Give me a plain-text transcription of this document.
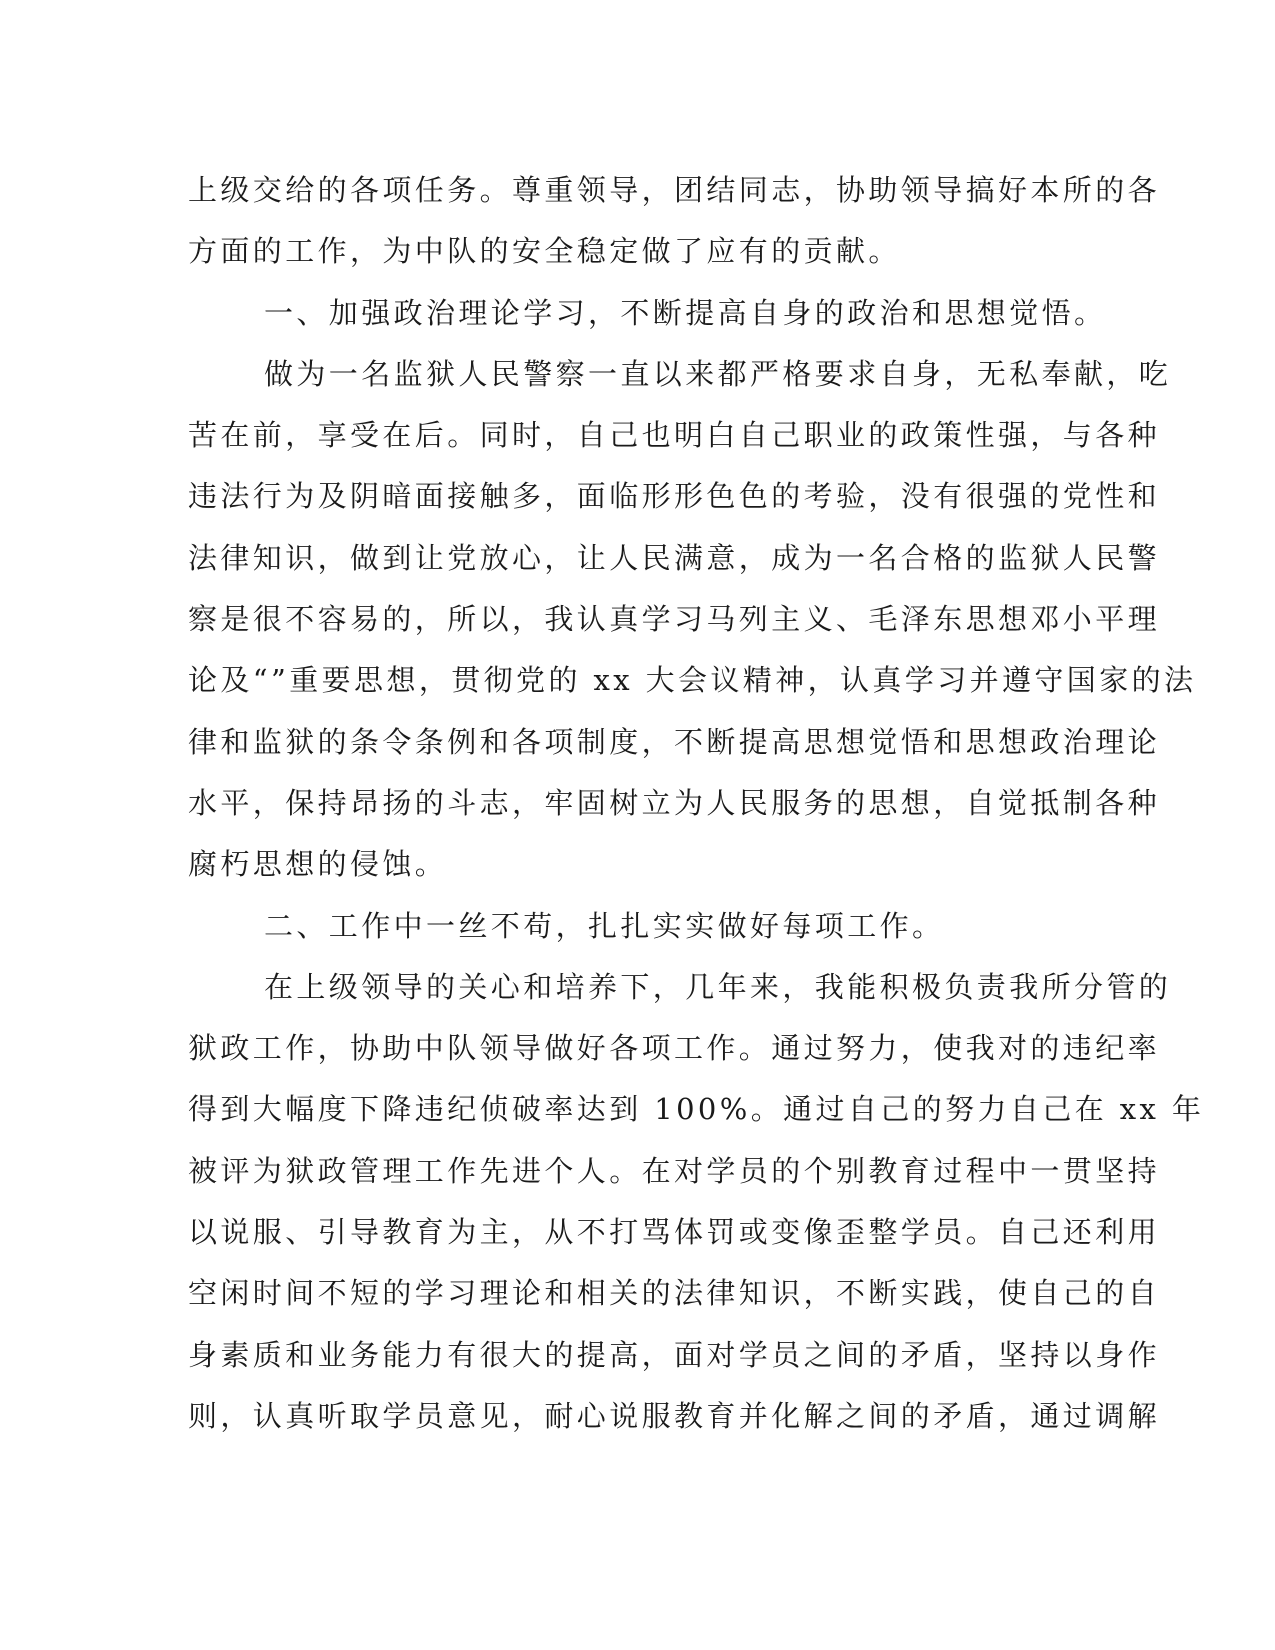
上级交给的各项任务。尊重领导，团结同志，协助领导搞好本所的各
方面的工作，为中队的安全稳定做了应有的贡献。
一、加强政治理论学习，不断提高自身的政治和思想觉悟。
做为一名监狱人民警察一直以来都严格要求自身，无私奉献，吃
苦在前，享受在后。同时，自己也明白自己职业的政策性强，与各种
违法行为及阴暗面接触多，面临形形色色的考验，没有很强的党性和
法律知识，做到让党放心，让人民满意，成为一名合格的监狱人民警
察是很不容易的，所以，我认真学习马列主义、毛泽东思想邓小平理
论及“”重要思想，贯彻党的 xx 大会议精神，认真学习并遵守国家的法
律和监狱的条令条例和各项制度，不断提高思想觉悟和思想政治理论
水平，保持昂扬的斗志，牢固树立为人民服务的思想，自觉抵制各种
腐朽思想的侵蚀。
二、工作中一丝不苟，扎扎实实做好每项工作。
在上级领导的关心和培养下，几年来，我能积极负责我所分管的
狱政工作，协助中队领导做好各项工作。通过努力，使我对的违纪率
得到大幅度下降违纪侦破率达到 100%。通过自己的努力自己在 xx 年
被评为狱政管理工作先进个人。在对学员的个别教育过程中一贯坚持
以说服、引导教育为主，从不打骂体罚或变像歪整学员。自己还利用
空闲时间不短的学习理论和相关的法律知识，不断实践，使自己的自
身素质和业务能力有很大的提高，面对学员之间的矛盾，坚持以身作
则，认真听取学员意见，耐心说服教育并化解之间的矛盾，通过调解
